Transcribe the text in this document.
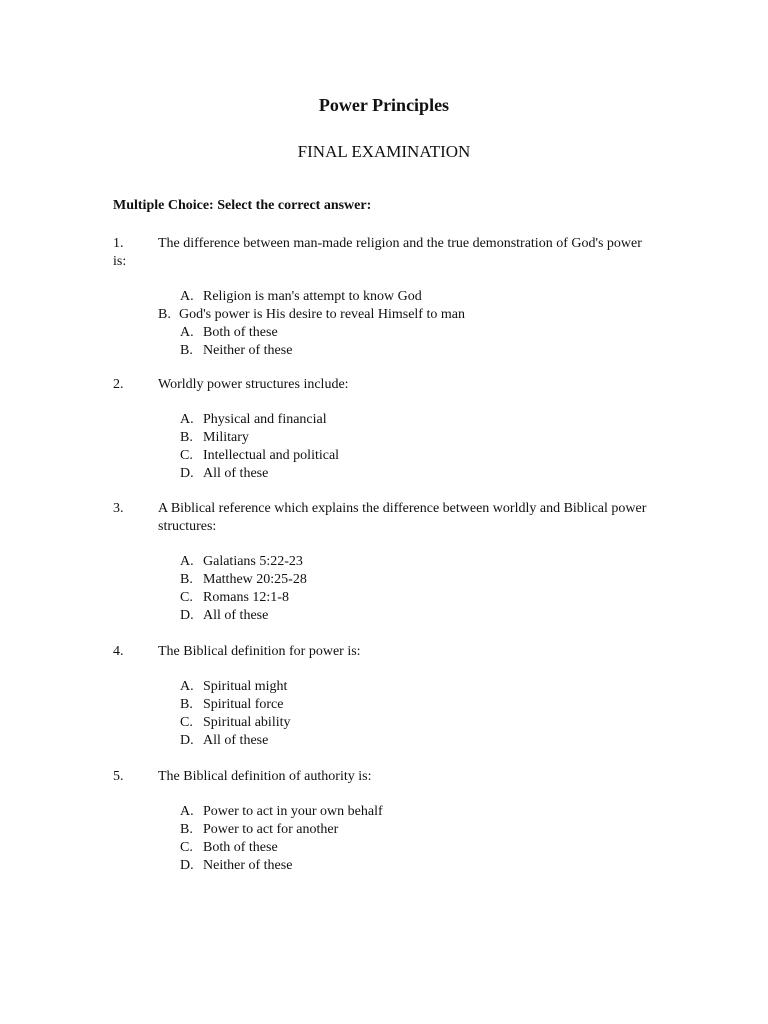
Power Principles
FINAL EXAMINATION
Multiple Choice: Select the correct answer:
1.	The difference between man-made religion and the true demonstration of God's power is:

A. Religion is man's attempt to know God
B. God's power is His desire to reveal Himself to man
A. Both of these
B. Neither of these
2.	Worldly power structures include:

A. Physical and financial
B. Military
C. Intellectual and political
D. All of these
3.	A Biblical reference which explains the difference between worldly and Biblical power structures:

A. Galatians 5:22-23
B. Matthew 20:25-28
C. Romans 12:1-8
D. All of these
4.	The Biblical definition for power is:

A. Spiritual might
B. Spiritual force
C. Spiritual ability
D. All of these
5.	The Biblical definition of authority is:

A. Power to act in your own behalf
B. Power to act for another
C. Both of these
D. Neither of these
